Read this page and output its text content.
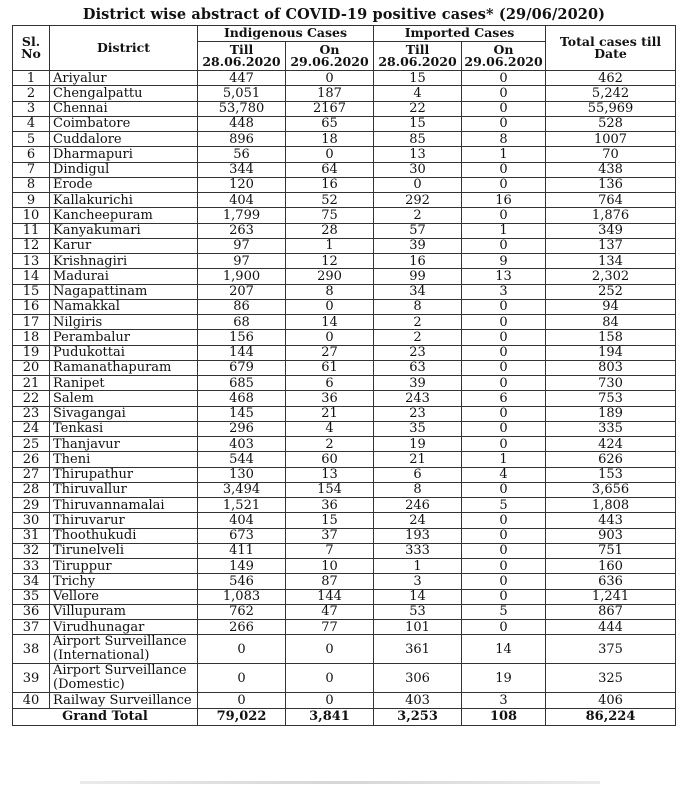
District wise abstract of COVID-19 positive cases* (29/06/2020)
Sl. No	District	Indigenous Cases		Imported Cases		Total cases till Date
		Till 28.06.2020	On 29.06.2020	Till 28.06.2020	On 29.06.2020	
1	Ariyalur	447	0	15	0	462
2	Chengalpattu	5,051	187	4	0	5,242
3	Chennai	53,780	2167	22	0	55,969
4	Coimbatore	448	65	15	0	528
5	Cuddalore	896	18	85	8	1007
6	Dharmapuri	56	0	13	1	70
7	Dindigul	344	64	30	0	438
8	Erode	120	16	0	0	136
9	Kallakurichi	404	52	292	16	764
10	Kancheepuram	1,799	75	2	0	1,876
11	Kanyakumari	263	28	57	1	349
12	Karur	97	1	39	0	137
13	Krishnagiri	97	12	16	9	134
14	Madurai	1,900	290	99	13	2,302
15	Nagapattinam	207	8	34	3	252
16	Namakkal	86	0	8	0	94
17	Nilgiris	68	14	2	0	84
18	Perambalur	156	0	2	0	158
19	Pudukottai	144	27	23	0	194
20	Ramanathapuram	679	61	63	0	803
21	Ranipet	685	6	39	0	730
22	Salem	468	36	243	6	753
23	Sivagangai	145	21	23	0	189
24	Tenkasi	296	4	35	0	335
25	Thanjavur	403	2	19	0	424
26	Theni	544	60	21	1	626
27	Thirupathur	130	13	6	4	153
28	Thiruvallur	3,494	154	8	0	3,656
29	Thiruvannamalai	1,521	36	246	5	1,808
30	Thiruvarur	404	15	24	0	443
31	Thoothukudi	673	37	193	0	903
32	Tirunelveli	411	7	333	0	751
33	Tiruppur	149	10	1	0	160
34	Trichy	546	87	3	0	636
35	Vellore	1,083	144	14	0	1,241
36	Villupuram	762	47	53	5	867
37	Virudhunagar	266	77	101	0	444
38	Airport Surveillance (International)	0	0	361	14	375
39	Airport Surveillance (Domestic)	0	0	306	19	325
40	Railway Surveillance	0	0	403	3	406
Grand Total		79,022	3,841	3,253	108	86,224
